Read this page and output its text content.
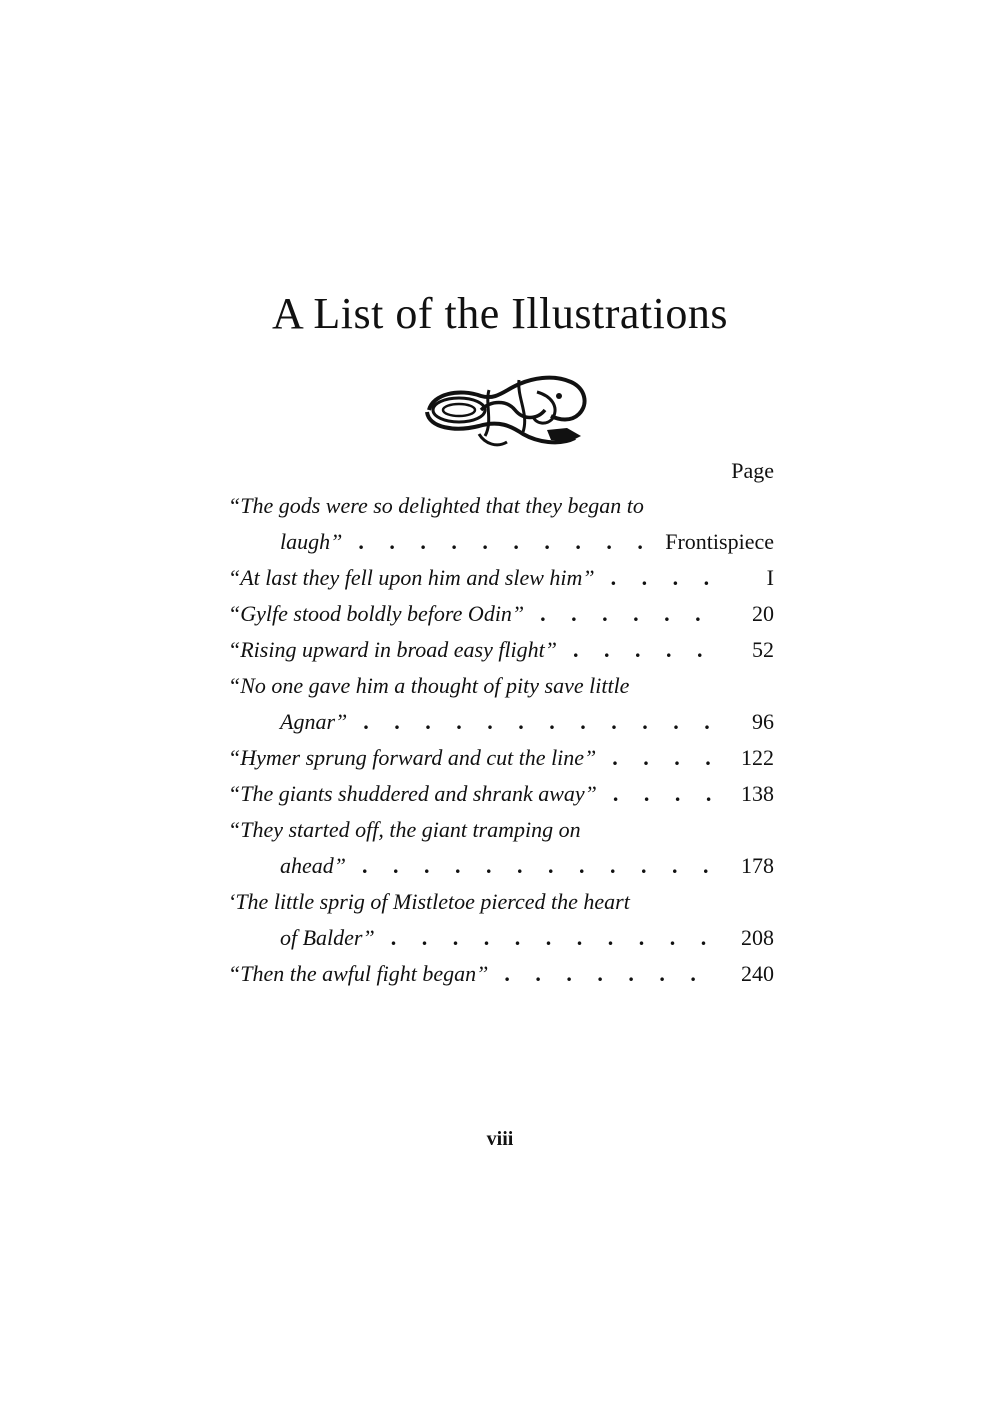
A List of the Illustrations
Page
“The gods were so delighted that they began to
laugh” . . .	Frontispiece
“At last they fell upon him and slew him” . . .	I
“Gylfe stood boldly before Odin” . . .	20
“Rising upward in broad easy flight” . . .	52
“No one gave him a thought of pity save little
Agnar” . . .	96
“Hymer sprung forward and cut the line” . . .	122
“The giants shuddered and shrank away” . . .	138
“They started off, the giant tramping on
ahead” . . .	178
‘The little sprig of Mistletoe pierced the heart
of Balder” . . .	208
“Then the awful fight began” . . .	240
viii
